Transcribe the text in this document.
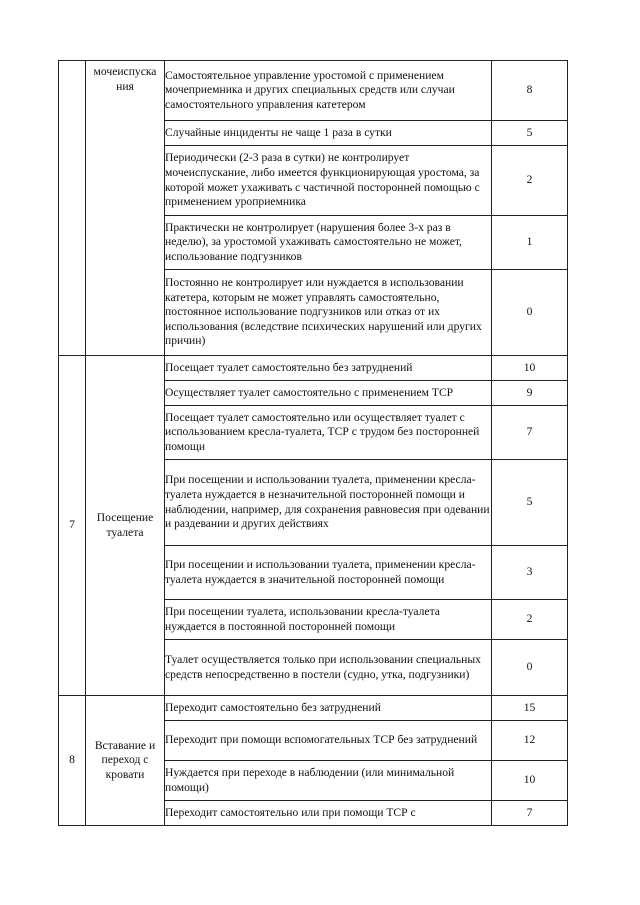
	мочеиспуска ния	Самостоятельное управление уростомой с применением мочеприемника и других специальных средств или случаи самостоятельного управления катетером	8
		Случайные инциденты не чаще 1 раза в сутки	5
		Периодически (2-3 раза в сутки) не контролирует мочеиспускание, либо имеется функционирующая уростома, за которой может ухаживать с частичной посторонней помощью с применением уроприемника	2
		Практически не контролирует (нарушения более 3-х раз в неделю), за уростомой ухаживать самостоятельно не может, использование подгузников	1
		Постоянно не контролирует или нуждается в использовании катетера, которым не может управлять самостоятельно, постоянное использование подгузников или отказ от их использования (вследствие психических нарушений или других причин)	0
7	Посещение туалета	Посещает туалет самостоятельно без затруднений	10
		Осуществляет туалет самостоятельно с применением ТСР	9
		Посещает туалет самостоятельно или осуществляет туалет с использованием кресла-туалета, ТСР с трудом без посторонней помощи	7
		При посещении и использовании туалета, применении кресла-туалета нуждается в незначительной посторонней помощи и наблюдении, например, для сохранения равновесия при одевании и раздевании и других действиях	5
		При посещении и использовании туалета, применении кресла-туалета нуждается в значительной посторонней помощи	3
		При посещении туалета, использовании кресла-туалета нуждается в постоянной посторонней помощи	2
		Туалет осуществляется только при использовании специальных средств непосредственно в постели (судно, утка, подгузники)	0
8	Вставание и переход с кровати	Переходит самостоятельно без затруднений	15
		Переходит при помощи вспомогательных ТСР без затруднений	12
		Нуждается при переходе в наблюдении (или минимальной помощи)	10
		Переходит самостоятельно или при помощи ТСР с	7
